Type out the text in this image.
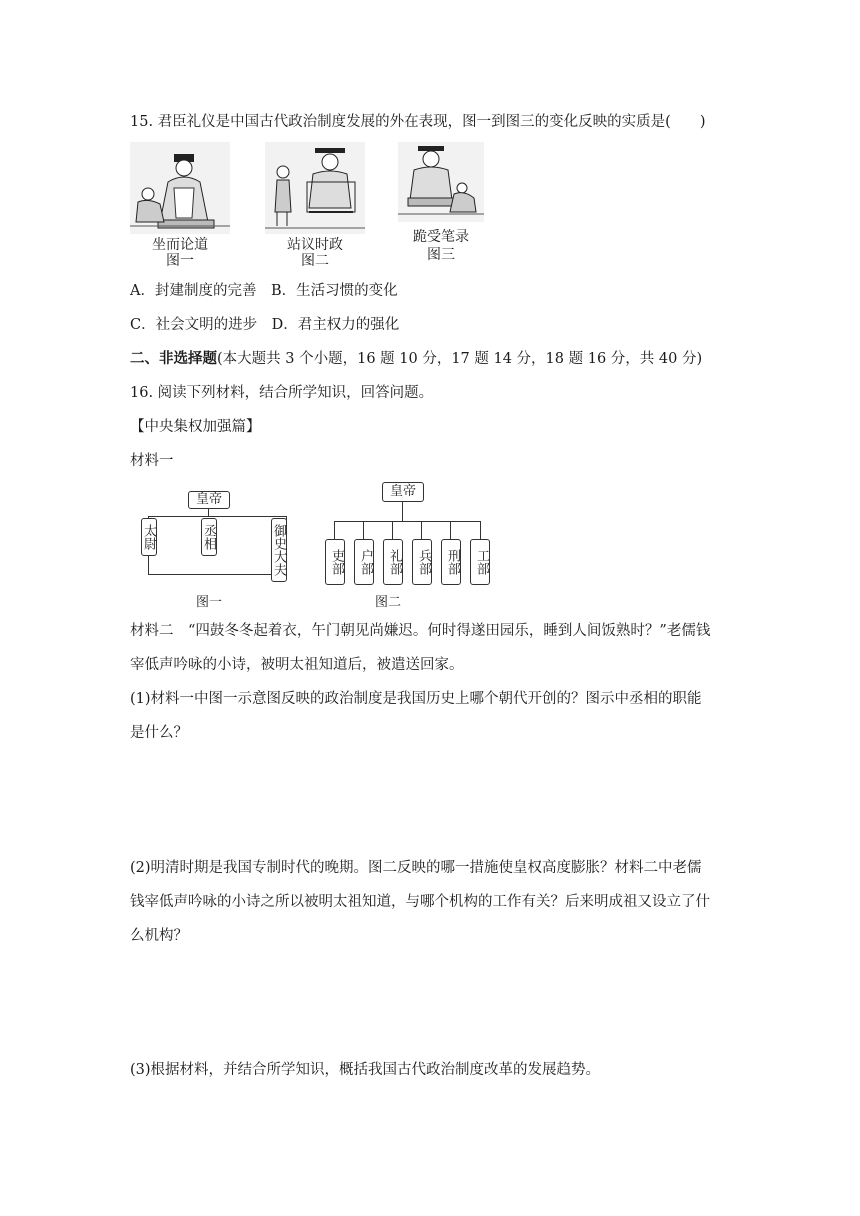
15. 君臣礼仪是中国古代政治制度发展的外在表现，图一到图三的变化反映的实质是(　　)
坐而论道
图一
站议时政
图二
跪受笔录
图三
A．封建制度的完善　B．生活习惯的变化
C．社会文明的进步　D．君主权力的强化
二、非选择题(本大题共 3 个小题，16 题 10 分，17 题 14 分，18 题 16 分，共 40 分)
16. 阅读下列材料，结合所学知识，回答问题。
【中央集权加强篇】
材料一
皇帝
太尉	丞相	御史大夫
图一
皇帝
吏部	户部	礼部	兵部	刑部	工部
图二
材料二　“四鼓冬冬起着衣，午门朝见尚嫌迟。何时得遂田园乐，睡到人间饭熟时？”老儒钱
宰低声吟咏的小诗，被明太祖知道后，被遣送回家。
(1)材料一中图一示意图反映的政治制度是我国历史上哪个朝代开创的？图示中丞相的职能
是什么？
(2)明清时期是我国专制时代的晚期。图二反映的哪一措施使皇权高度膨胀？材料二中老儒
钱宰低声吟咏的小诗之所以被明太祖知道，与哪个机构的工作有关？后来明成祖又设立了什
么机构？
(3)根据材料，并结合所学知识，概括我国古代政治制度改革的发展趋势。
